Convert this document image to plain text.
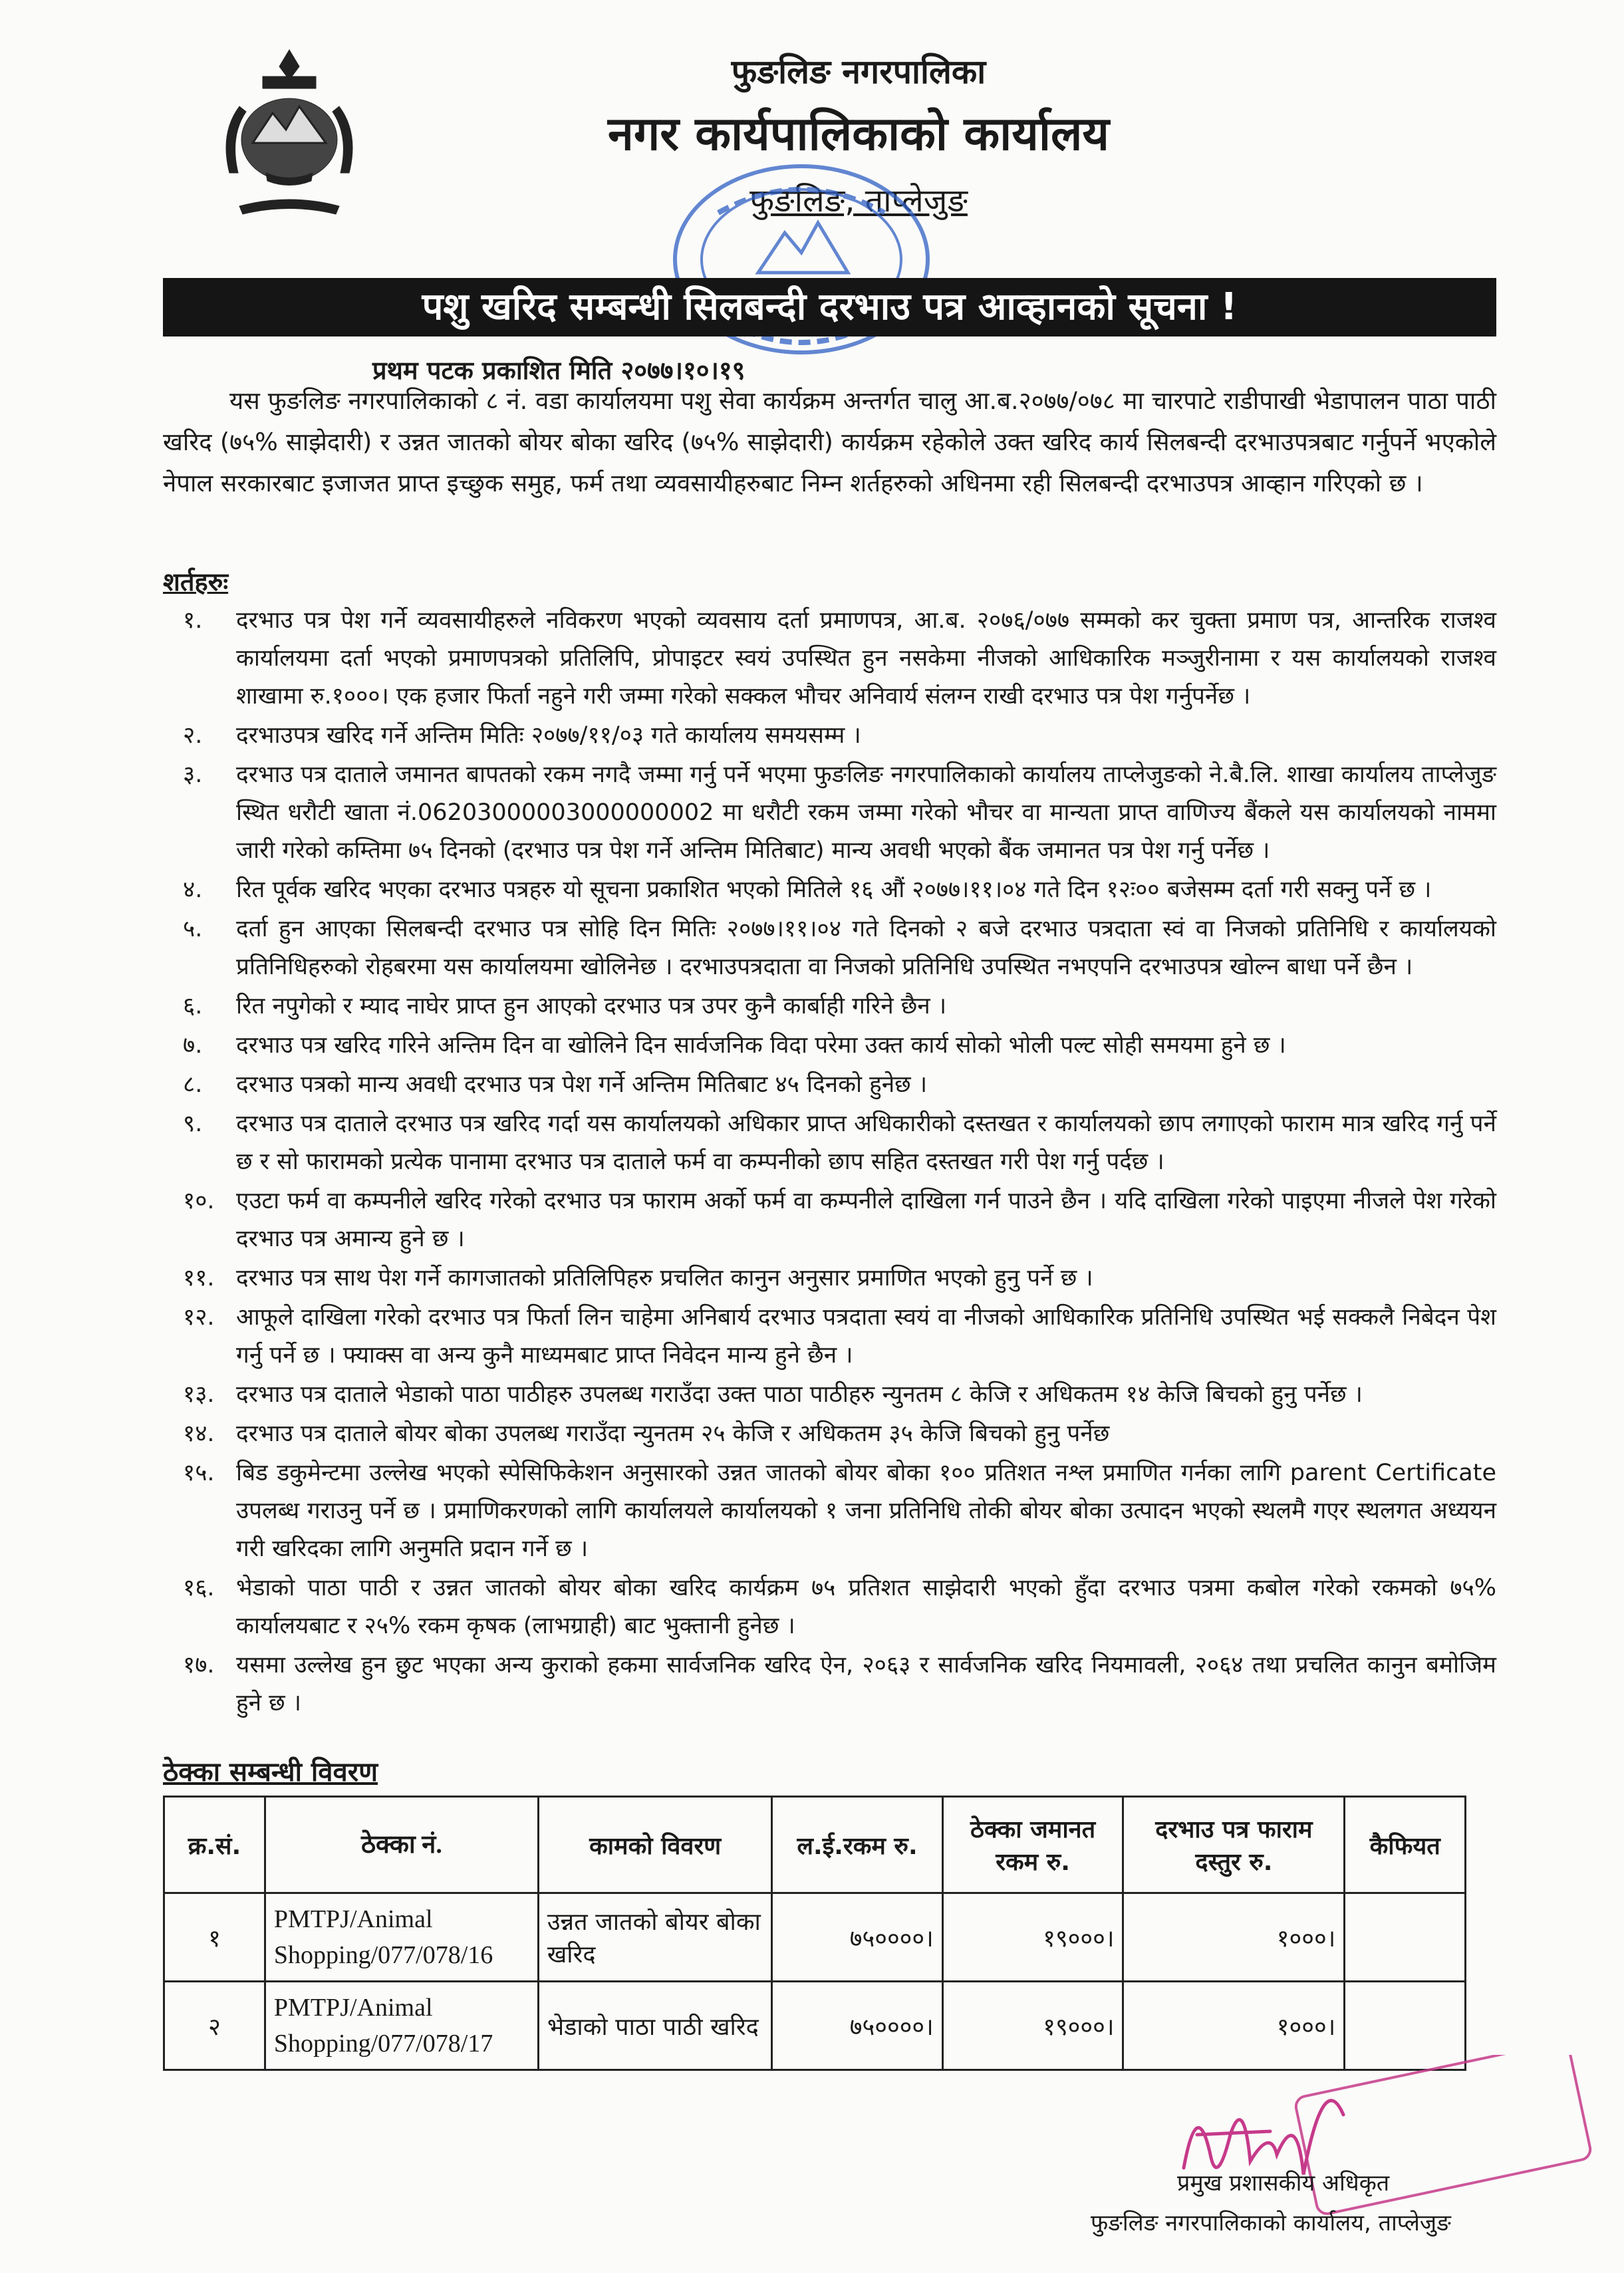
फुङलिङ नगरपालिका
नगर कार्यपालिकाको कार्यालय
फुङलिङ, ताप्लेजुङ
पशु खरिद सम्बन्धी सिलबन्दी दरभाउ पत्र आव्हानको सूचना !
प्रथम पटक प्रकाशित मिति २०७७।१०।१९
यस फुङलिङ नगरपालिकाको ८ नं. वडा कार्यालयमा पशु सेवा कार्यक्रम अन्तर्गत चालु आ.ब.२०७७/०७८ मा चारपाटे राडीपाखी भेडापालन पाठा पाठी खरिद (७५% साझेदारी) र उन्नत जातको बोयर बोका खरिद (७५% साझेदारी) कार्यक्रम रहेकोले उक्त खरिद कार्य सिलबन्दी दरभाउपत्रबाट गर्नुपर्ने भएकोले नेपाल सरकारबाट इजाजत प्राप्त इच्छुक समुह, फर्म तथा व्यवसायीहरुबाट निम्न शर्तहरुको अधिनमा रही सिलबन्दी दरभाउपत्र आव्हान गरिएको छ ।
शर्तहरुः
१.	दरभाउ पत्र पेश गर्ने व्यवसायीहरुले नविकरण भएको व्यवसाय दर्ता प्रमाणपत्र, आ.ब. २०७६/०७७ सम्मको कर चुक्ता प्रमाण पत्र, आन्तरिक राजश्व कार्यालयमा दर्ता भएको प्रमाणपत्रको प्रतिलिपि, प्रोपाइटर स्वयं उपस्थित हुन नसकेमा नीजको आधिकारिक मञ्जुरीनामा र यस कार्यालयको राजश्व शाखामा रु.१०००। एक हजार फिर्ता नहुने गरी जम्मा गरेको सक्कल भौचर अनिवार्य संलग्न राखी दरभाउ पत्र पेश गर्नुपर्नेछ ।
२.	दरभाउपत्र खरिद गर्ने अन्तिम मितिः २०७७/११/०३ गते कार्यालय समयसम्म ।
३.	दरभाउ पत्र दाताले जमानत बापतको रकम नगदै जम्मा गर्नु पर्ने भएमा फुङलिङ नगरपालिकाको कार्यालय ताप्लेजुङको ने.बै.लि. शाखा कार्यालय ताप्लेजुङ स्थित धरौटी खाता नं.06203000003000000002 मा धरौटी रकम जम्मा गरेको भौचर वा मान्यता प्राप्त वाणिज्य बैंकले यस कार्यालयको नाममा जारी गरेको कम्तिमा ७५ दिनको (दरभाउ पत्र पेश गर्ने अन्तिम मितिबाट) मान्य अवधी भएको बैंक जमानत पत्र पेश गर्नु पर्नेछ ।
४.	रित पूर्वक खरिद भएका दरभाउ पत्रहरु यो सूचना प्रकाशित भएको मितिले १६ औं २०७७।११।०४ गते दिन १२ः०० बजेसम्म दर्ता गरी सक्नु पर्ने छ ।
५.	दर्ता हुन आएका सिलबन्दी दरभाउ पत्र सोहि दिन मितिः २०७७।११।०४ गते दिनको २ बजे दरभाउ पत्रदाता स्वं वा निजको प्रतिनिधि र कार्यालयको प्रतिनिधिहरुको रोहबरमा यस कार्यालयमा खोलिनेछ । दरभाउपत्रदाता वा निजको प्रतिनिधि उपस्थित नभएपनि दरभाउपत्र खोल्न बाधा पर्ने छैन ।
६.	रित नपुगेको र म्याद नाघेर प्राप्त हुन आएको दरभाउ पत्र उपर कुनै कार्बाही गरिने छैन ।
७.	दरभाउ पत्र खरिद गरिने अन्तिम दिन वा खोलिने दिन सार्वजनिक विदा परेमा उक्त कार्य सोको भोली पल्ट सोही समयमा हुने छ ।
८.	दरभाउ पत्रको मान्य अवधी दरभाउ पत्र पेश गर्ने अन्तिम मितिबाट ४५ दिनको हुनेछ ।
९.	दरभाउ पत्र दाताले दरभाउ पत्र खरिद गर्दा यस कार्यालयको अधिकार प्राप्त अधिकारीको दस्तखत र कार्यालयको छाप लगाएको फाराम मात्र खरिद गर्नु पर्ने छ र सो फारामको प्रत्येक पानामा दरभाउ पत्र दाताले फर्म वा कम्पनीको छाप सहित दस्तखत गरी पेश गर्नु पर्दछ ।
१०. एउटा फर्म वा कम्पनीले खरिद गरेको दरभाउ पत्र फाराम अर्को फर्म वा कम्पनीले दाखिला गर्न पाउने छैन । यदि दाखिला गरेको पाइएमा नीजले पेश गरेको दरभाउ पत्र अमान्य हुने छ ।
११. दरभाउ पत्र साथ पेश गर्ने कागजातको प्रतिलिपिहरु प्रचलित कानुन अनुसार प्रमाणित भएको हुनु पर्ने छ ।
१२. आफूले दाखिला गरेको दरभाउ पत्र फिर्ता लिन चाहेमा अनिबार्य दरभाउ पत्रदाता स्वयं वा नीजको आधिकारिक प्रतिनिधि उपस्थित भई सक्कलै निबेदन पेश गर्नु पर्ने छ । फ्याक्स वा अन्य कुनै माध्यमबाट प्राप्त निवेदन मान्य हुने छैन ।
१३. दरभाउ पत्र दाताले भेडाको पाठा पाठीहरु उपलब्ध गराउँदा उक्त पाठा पाठीहरु न्युनतम ८ केजि र अधिकतम १४ केजि बिचको हुनु पर्नेछ ।
१४. दरभाउ पत्र दाताले बोयर बोका उपलब्ध गराउँदा न्युनतम २५ केजि र अधिकतम ३५ केजि बिचको हुनु पर्नेछ
१५. बिड डकुमेन्टमा उल्लेख भएको स्पेसिफिकेशन अनुसारको उन्नत जातको बोयर बोका १०० प्रतिशत नश्ल प्रमाणित गर्नका लागि parent Certificate उपलब्ध गराउनु पर्ने छ । प्रमाणिकरणको लागि कार्यालयले कार्यालयको १ जना प्रतिनिधि तोकी बोयर बोका उत्पादन भएको स्थलमै गएर स्थलगत अध्ययन गरी खरिदका लागि अनुमति प्रदान गर्ने छ ।
१६. भेडाको पाठा पाठी र उन्नत जातको बोयर बोका खरिद कार्यक्रम ७५ प्रतिशत साझेदारी भएको हुँदा दरभाउ पत्रमा कबोल गरेको रकमको ७५% कार्यालयबाट र २५% रकम कृषक (लाभग्राही) बाट भुक्तानी हुनेछ ।
१७. यसमा उल्लेख हुन छुट भएका अन्य कुराको हकमा सार्वजनिक खरिद ऐन, २०६३ र सार्वजनिक खरिद नियमावली, २०६४ तथा प्रचलित कानुन बमोजिम हुने छ ।
ठेक्का सम्बन्धी विवरण
क्र.सं.	ठेक्का नं.	कामको विवरण	ल.ई.रकम रु.	ठेक्का जमानत रकम रु.	दरभाउ पत्र फाराम दस्तुर रु.	कैफियत
१	PMTPJ/Animal Shopping/077/078/16	उन्नत जातको बोयर बोका खरिद	७५००००।	१९०००।	१०००।	
२	PMTPJ/Animal Shopping/077/078/17	भेडाको पाठा पाठी खरिद	७५००००।	१९०००।	१०००।	
प्रमुख प्रशासकीय अधिकृत
फुङलिङ नगरपालिकाको कार्यालय, ताप्लेजुङ
